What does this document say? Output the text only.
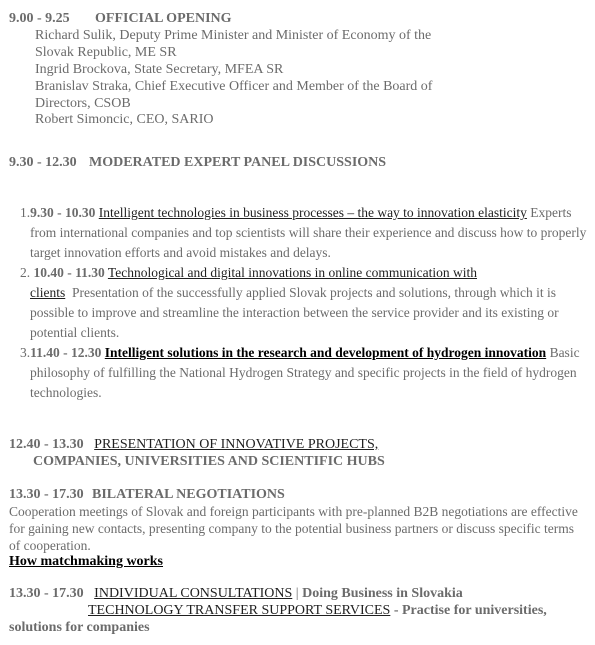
9.00 - 9.25 OFFICIAL OPENING
Richard Sulik, Deputy Prime Minister and Minister of Economy of the
Slovak Republic, ME SR
Ingrid Brockova, State Secretary, MFEA SR
Branislav Straka, Chief Executive Officer and Member of the Board of
Directors, CSOB
Robert Simoncic, CEO, SARIO
9.30 - 12.30 MODERATED EXPERT PANEL DISCUSSIONS
1.9.30 - 10.30 Intelligent technologies in business processes – the way to innovation elasticity Experts
from international companies and top scientists will share their experience and discuss how to properly
target innovation efforts and avoid mistakes and delays.
2. 10.40 - 11.30 Technological and digital innovations in online communication with
clients Presentation of the successfully applied Slovak projects and solutions, through which it is
possible to improve and streamline the interaction between the service provider and its existing or
potential clients.
3.11.40 - 12.30 Intelligent solutions in the research and development of hydrogen innovation Basic
philosophy of fulfilling the National Hydrogen Strategy and specific projects in the field of hydrogen
technologies.
12.40 - 13.30 PRESENTATION OF INNOVATIVE PROJECTS,
COMPANIES, UNIVERSITIES AND SCIENTIFIC HUBS
13.30 - 17.30 BILATERAL NEGOTIATIONS
Cooperation meetings of Slovak and foreign participants with pre-planned B2B negotiations are effective
for gaining new contacts, presenting company to the potential business partners or discuss specific terms
of cooperation.
How matchmaking works
13.30 - 17.30 INDIVIDUAL CONSULTATIONS | Doing Business in Slovakia
TECHNOLOGY TRANSFER SUPPORT SERVICES - Practise for universities,
solutions for companies
